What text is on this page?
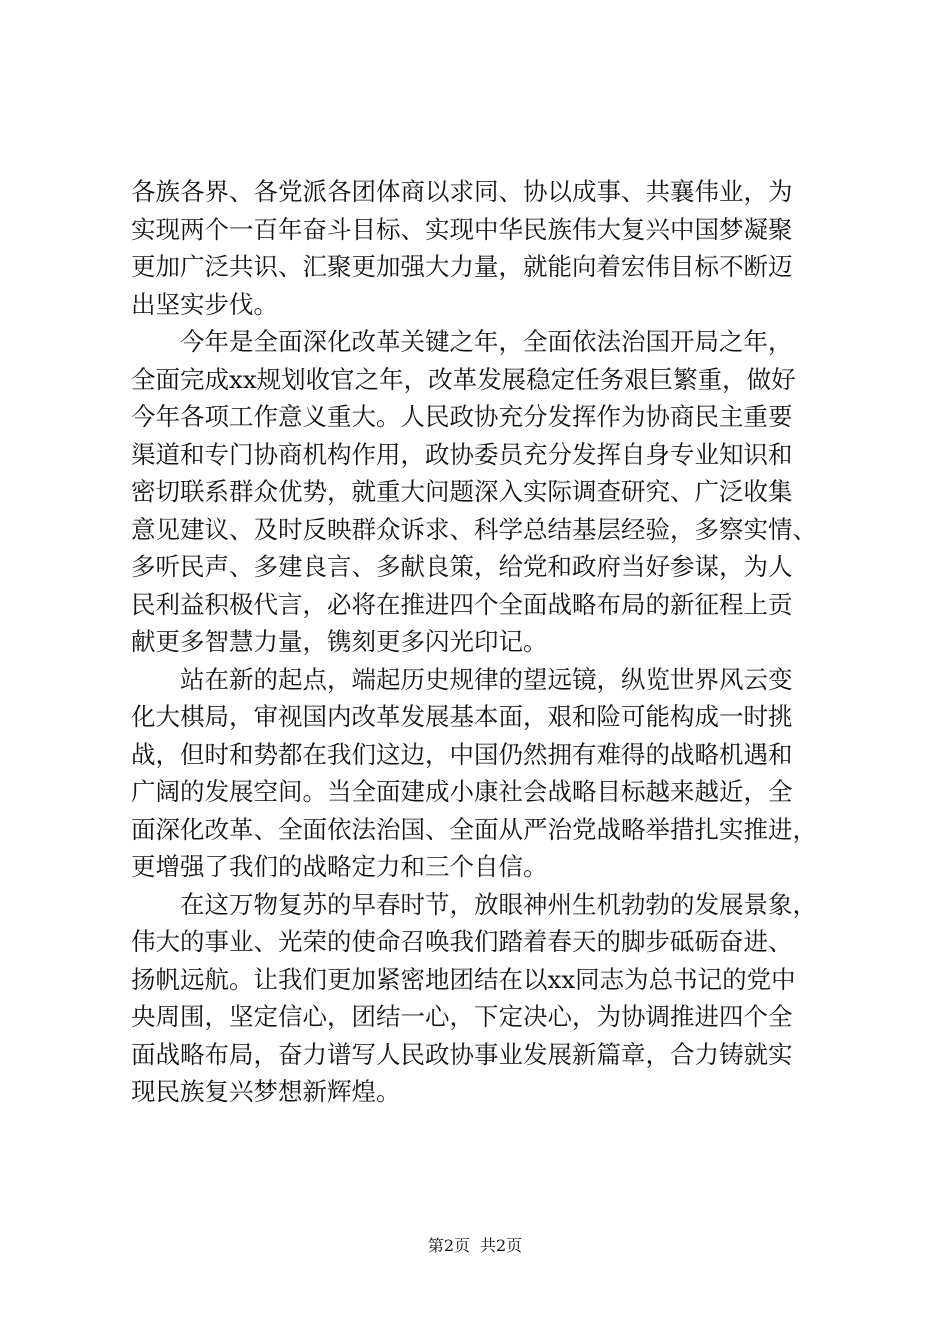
各族各界、各党派各团体商以求同、协以成事、共襄伟业，为
实现两个一百年奋斗目标、实现中华民族伟大复兴中国梦凝聚
更加广泛共识、汇聚更加强大力量，就能向着宏伟目标不断迈
出坚实步伐。
　　今年是全面深化改革关键之年，全面依法治国开局之年，
全面完成xx规划收官之年，改革发展稳定任务艰巨繁重，做好
今年各项工作意义重大。人民政协充分发挥作为协商民主重要
渠道和专门协商机构作用，政协委员充分发挥自身专业知识和
密切联系群众优势，就重大问题深入实际调查研究、广泛收集
意见建议、及时反映群众诉求、科学总结基层经验，多察实情、
多听民声、多建良言、多献良策，给党和政府当好参谋，为人
民利益积极代言，必将在推进四个全面战略布局的新征程上贡
献更多智慧力量，镌刻更多闪光印记。
　　站在新的起点，端起历史规律的望远镜，纵览世界风云变
化大棋局，审视国内改革发展基本面，艰和险可能构成一时挑
战，但时和势都在我们这边，中国仍然拥有难得的战略机遇和
广阔的发展空间。当全面建成小康社会战略目标越来越近，全
面深化改革、全面依法治国、全面从严治党战略举措扎实推进，
更增强了我们的战略定力和三个自信。
　　在这万物复苏的早春时节，放眼神州生机勃勃的发展景象，
伟大的事业、光荣的使命召唤我们踏着春天的脚步砥砺奋进、
扬帆远航。让我们更加紧密地团结在以xx同志为总书记的党中
央周围，坚定信心，团结一心，下定决心，为协调推进四个全
面战略布局，奋力谱写人民政协事业发展新篇章，合力铸就实
现民族复兴梦想新辉煌。
第2页 共2页
